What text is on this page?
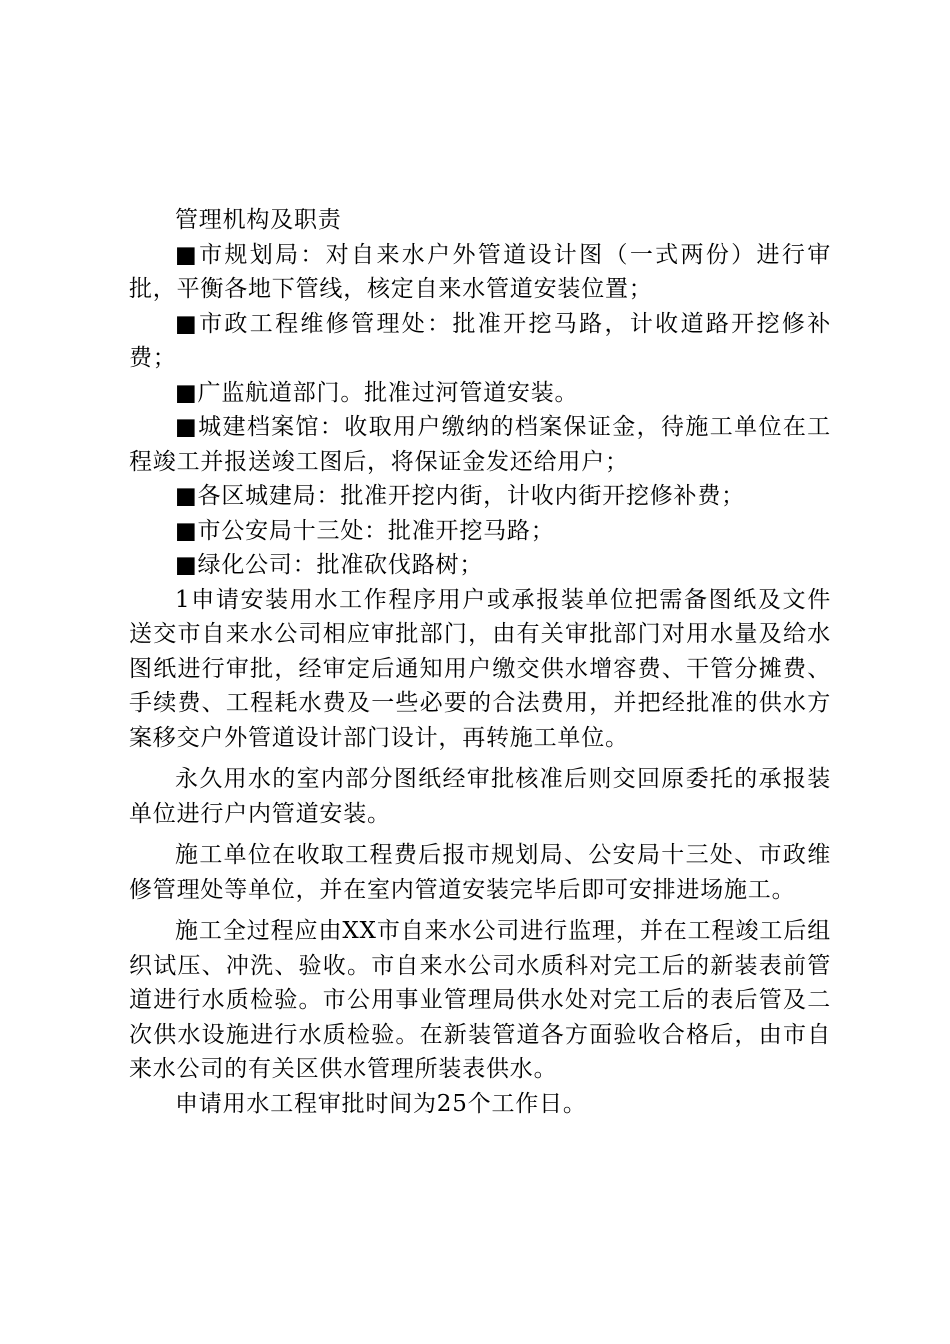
管理机构及职责

■市规划局：对自来水户外管道设计图（一式两份）进行审批，平衡各地下管线，核定自来水管道安装位置；

■市政工程维修管理处：批准开挖马路，计收道路开挖修补费；

■广监航道部门。批准过河管道安装。

■城建档案馆：收取用户缴纳的档案保证金，待施工单位在工程竣工并报送竣工图后，将保证金发还给用户；

■各区城建局：批准开挖内街，计收内街开挖修补费；

■市公安局十三处：批准开挖马路；

■绿化公司：批准砍伐路树；

1申请安装用水工作程序用户或承报装单位把需备图纸及文件送交市自来水公司相应审批部门，由有关审批部门对用水量及给水图纸进行审批，经审定后通知用户缴交供水增容费、干管分摊费、手续费、工程耗水费及一些必要的合法费用，并把经批准的供水方案移交户外管道设计部门设计，再转施工单位。

永久用水的室内部分图纸经审批核准后则交回原委托的承报装单位进行户内管道安装。

施工单位在收取工程费后报市规划局、公安局十三处、市政维修管理处等单位，并在室内管道安装完毕后即可安排进场施工。

施工全过程应由XX市自来水公司进行监理，并在工程竣工后组织试压、冲洗、验收。市自来水公司水质科对完工后的新装表前管道进行水质检验。市公用事业管理局供水处对完工后的表后管及二次供水设施进行水质检验。在新装管道各方面验收合格后，由市自来水公司的有关区供水管理所装表供水。

申请用水工程审批时间为25个工作日。
